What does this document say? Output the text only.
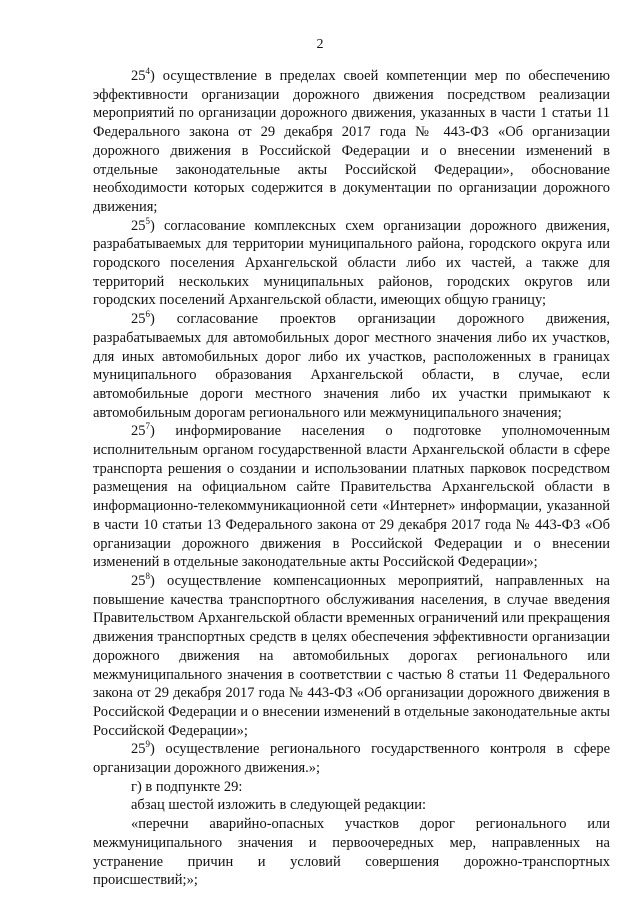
2

$25^4$) осуществление в пределах своей компетенции мер по обеспечению эффективности организации дорожного движения посредством реализации мероприятий по организации дорожного движения, указанных в части 1 статьи 11 Федерального закона от 29 декабря 2017 года № 443-ФЗ «Об организации дорожного движения в Российской Федерации и о внесении изменений в отдельные законодательные акты Российской Федерации», обоснование необходимости которых содержится в документации по организации дорожного движения;

$25^5$) согласование комплексных схем организации дорожного движения, разрабатываемых для территории муниципального района, городского округа или городского поселения Архангельской области либо их частей, а также для территорий нескольких муниципальных районов, городских округов или городских поселений Архангельской области, имеющих общую границу;

$25^6$) согласование проектов организации дорожного движения, разрабатываемых для автомобильных дорог местного значения либо их участков, для иных автомобильных дорог либо их участков, расположенных в границах муниципального образования Архангельской области, в случае, если автомобильные дороги местного значения либо их участки примыкают к автомобильным дорогам регионального или межмуниципального значения;

$25^7$) информирование населения о подготовке уполномоченным исполнительным органом государственной власти Архангельской области в сфере транспорта решения о создании и использовании платных парковок посредством размещения на официальном сайте Правительства Архангельской области в информационно-телекоммуникационной сети «Интернет» информации, указанной в части 10 статьи 13 Федерального закона от 29 декабря 2017 года № 443-ФЗ «Об организации дорожного движения в Российской Федерации и о внесении изменений в отдельные законодательные акты Российской Федерации»;

$25^8$) осуществление компенсационных мероприятий, направленных на повышение качества транспортного обслуживания населения, в случае введения Правительством Архангельской области временных ограничений или прекращения движения транспортных средств в целях обеспечения эффективности организации дорожного движения на автомобильных дорогах регионального или межмуниципального значения в соответствии с частью 8 статьи 11 Федерального закона от 29 декабря 2017 года № 443-ФЗ «Об организации дорожного движения в Российской Федерации и о внесении изменений в отдельные законодательные акты Российской Федерации»;

$25^9$) осуществление регионального государственного контроля в сфере организации дорожного движения.»;

г) в подпункте 29:

абзац шестой изложить в следующей редакции:

«перечни аварийно-опасных участков дорог регионального или межмуниципального значения и первоочередных мер, направленных на устранение причин и условий совершения дорожно-транспортных происшествий;»;
